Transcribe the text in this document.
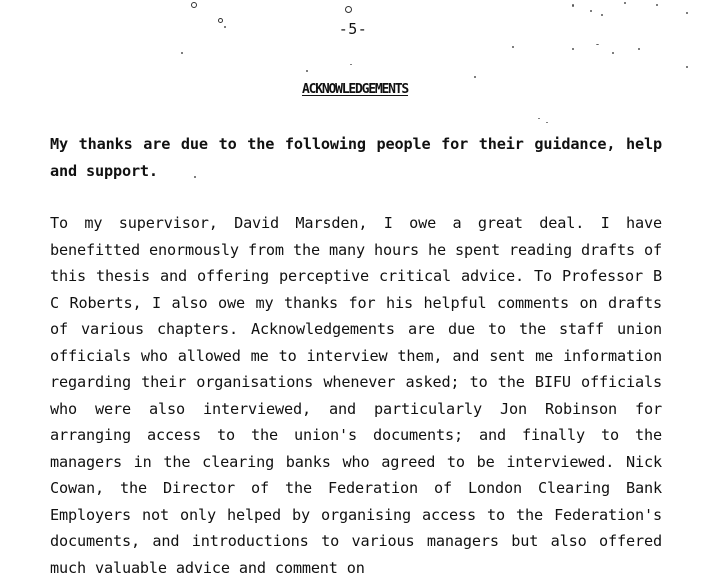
-5-
ACKNOWLEDGEMENTS

My thanks are due to the following people for their guidance, help and support.

To my supervisor, David Marsden, I owe a great deal. I have benefitted enormously from the many hours he spent reading drafts of this thesis and offering perceptive critical advice. To Professor B C Roberts, I also owe my thanks for his helpful comments on drafts of various chapters. Acknowledgements are due to the staff union officials who allowed me to interview them, and sent me information regarding their organisations whenever asked; to the BIFU officials who were also interviewed, and particularly Jon Robinson for arranging access to the union's documents; and finally to the managers in the clearing banks who agreed to be interviewed. Nick Cowan, the Director of the Federation of London Clearing Bank Employers not only helped by organising access to the Federation's documents, and introductions to various managers but also offered much valuable advice and comment on
